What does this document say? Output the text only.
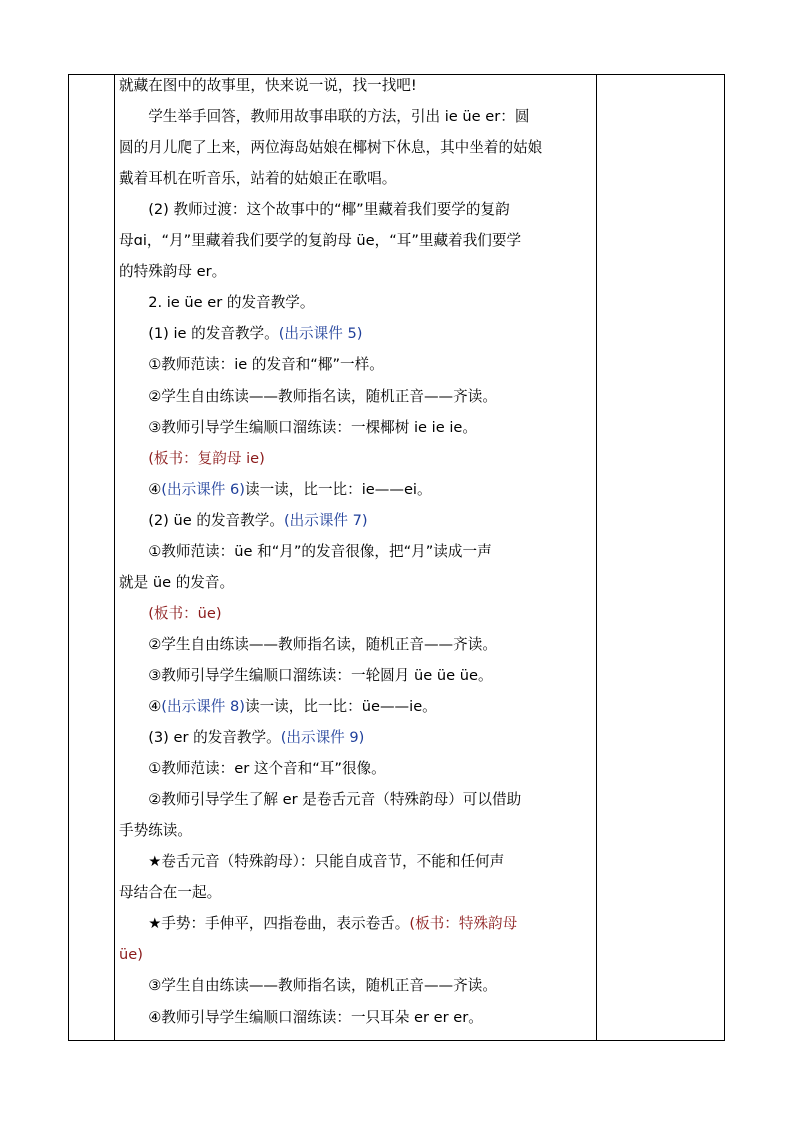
就藏在图中的故事里，快来说一说，找一找吧!
　　学生举手回答，教师用故事串联的方法，引出 ie üe er：圆
圆的月儿爬了上来，两位海岛姑娘在椰树下休息，其中坐着的姑娘
戴着耳机在听音乐，站着的姑娘正在歌唱。
　　(2) 教师过渡：这个故事中的“椰”里藏着我们要学的复韵
母ɑi，“月”里藏着我们要学的复韵母 üe，“耳”里藏着我们要学
的特殊韵母 er。
　　2. ie üe er 的发音教学。
　　(1) ie 的发音教学。(出示课件 5)
　　①教师范读：ie 的发音和“椰”一样。
　　②学生自由练读——教师指名读，随机正音——齐读。
　　③教师引导学生编顺口溜练读：一棵椰树 ie ie ie。
　　(板书：复韵母 ie)
　　④(出示课件 6)读一读，比一比：ie——ei。
　　(2) üe 的发音教学。(出示课件 7)
　　①教师范读：üe 和“月”的发音很像，把“月”读成一声
就是 üe 的发音。
　　(板书：üe)
　　②学生自由练读——教师指名读，随机正音——齐读。
　　③教师引导学生编顺口溜练读：一轮圆月 üe üe üe。
　　④(出示课件 8)读一读，比一比：üe——ie。
　　(3) er 的发音教学。(出示课件 9)
　　①教师范读：er 这个音和“耳”很像。
　　②教师引导学生了解 er 是卷舌元音（特殊韵母）可以借助
手势练读。
　　★卷舌元音（特殊韵母）：只能自成音节，不能和任何声
母结合在一起。
　　★手势：手伸平，四指卷曲，表示卷舌。(板书：特殊韵母
üe)
　　③学生自由练读——教师指名读，随机正音——齐读。
　　④教师引导学生编顺口溜练读：一只耳朵 er er er。
